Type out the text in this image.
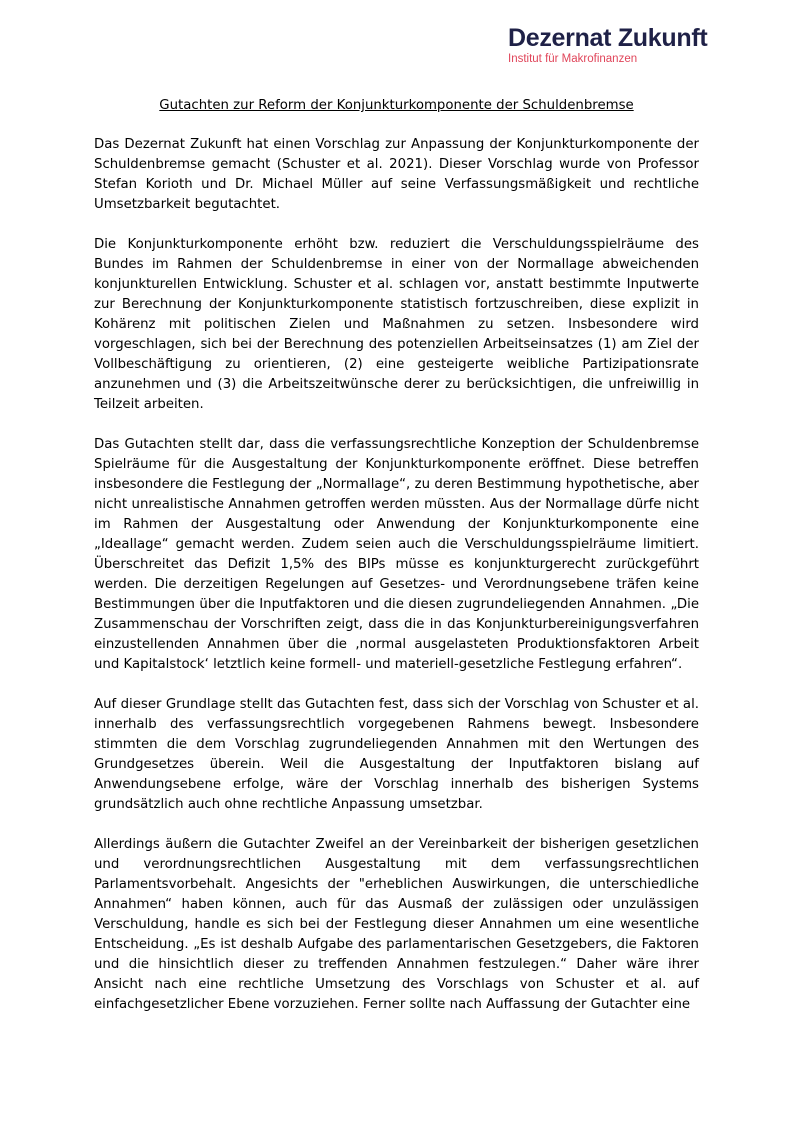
Dezernat Zukunft
Institut für Makrofinanzen
Gutachten zur Reform der Konjunkturkomponente der Schuldenbremse

Das Dezernat Zukunft hat einen Vorschlag zur Anpassung der Konjunkturkomponente der Schuldenbremse gemacht (Schuster et al. 2021). Dieser Vorschlag wurde von Professor Stefan Korioth und Dr. Michael Müller auf seine Verfassungsmäßigkeit und rechtliche Umsetzbarkeit begutachtet.

Die Konjunkturkomponente erhöht bzw. reduziert die Verschuldungsspielräume des Bundes im Rahmen der Schuldenbremse in einer von der Normallage abweichenden konjunkturellen Entwicklung. Schuster et al. schlagen vor, anstatt bestimmte Inputwerte zur Berechnung der Konjunkturkomponente statistisch fortzuschreiben, diese explizit in Kohärenz mit politischen Zielen und Maßnahmen zu setzen. Insbesondere wird vorgeschlagen, sich bei der Berechnung des potenziellen Arbeitseinsatzes (1) am Ziel der Vollbeschäftigung zu orientieren, (2) eine gesteigerte weibliche Partizipationsrate anzunehmen und (3) die Arbeitszeitwünsche derer zu berücksichtigen, die unfreiwillig in Teilzeit arbeiten.

Das Gutachten stellt dar, dass die verfassungsrechtliche Konzeption der Schuldenbremse Spielräume für die Ausgestaltung der Konjunkturkomponente eröffnet. Diese betreffen insbesondere die Festlegung der „Normallage“, zu deren Bestimmung hypothetische, aber nicht unrealistische Annahmen getroffen werden müssten. Aus der Normallage dürfe nicht im Rahmen der Ausgestaltung oder Anwendung der Konjunkturkomponente eine „Ideallage“ gemacht werden. Zudem seien auch die Verschuldungsspielräume limitiert. Überschreitet das Defizit 1,5% des BIPs müsse es konjunkturgerecht zurückgeführt werden. Die derzeitigen Regelungen auf Gesetzes- und Verordnungsebene träfen keine Bestimmungen über die Inputfaktoren und die diesen zugrundeliegenden Annahmen. „Die Zusammenschau der Vorschriften zeigt, dass die in das Konjunkturbereinigungsverfahren einzustellenden Annahmen über die ‚normal ausgelasteten Produktionsfaktoren Arbeit und Kapitalstock‘ letztlich keine formell- und materiell-gesetzliche Festlegung erfahren“.

Auf dieser Grundlage stellt das Gutachten fest, dass sich der Vorschlag von Schuster et al. innerhalb des verfassungsrechtlich vorgegebenen Rahmens bewegt. Insbesondere stimmten die dem Vorschlag zugrundeliegenden Annahmen mit den Wertungen des Grundgesetzes überein. Weil die Ausgestaltung der Inputfaktoren bislang auf Anwendungsebene erfolge, wäre der Vorschlag innerhalb des bisherigen Systems grundsätzlich auch ohne rechtliche Anpassung umsetzbar.

Allerdings äußern die Gutachter Zweifel an der Vereinbarkeit der bisherigen gesetzlichen und verordnungsrechtlichen Ausgestaltung mit dem verfassungsrechtlichen Parlamentsvorbehalt. Angesichts der "erheblichen Auswirkungen, die unterschiedliche Annahmen“ haben können, auch für das Ausmaß der zulässigen oder unzulässigen Verschuldung, handle es sich bei der Festlegung dieser Annahmen um eine wesentliche Entscheidung. „Es ist deshalb Aufgabe des parlamentarischen Gesetzgebers, die Faktoren und die hinsichtlich dieser zu treffenden Annahmen festzulegen.“ Daher wäre ihrer Ansicht nach eine rechtliche Umsetzung des Vorschlags von Schuster et al. auf einfachgesetzlicher Ebene vorzuziehen. Ferner sollte nach Auffassung der Gutachter eine
